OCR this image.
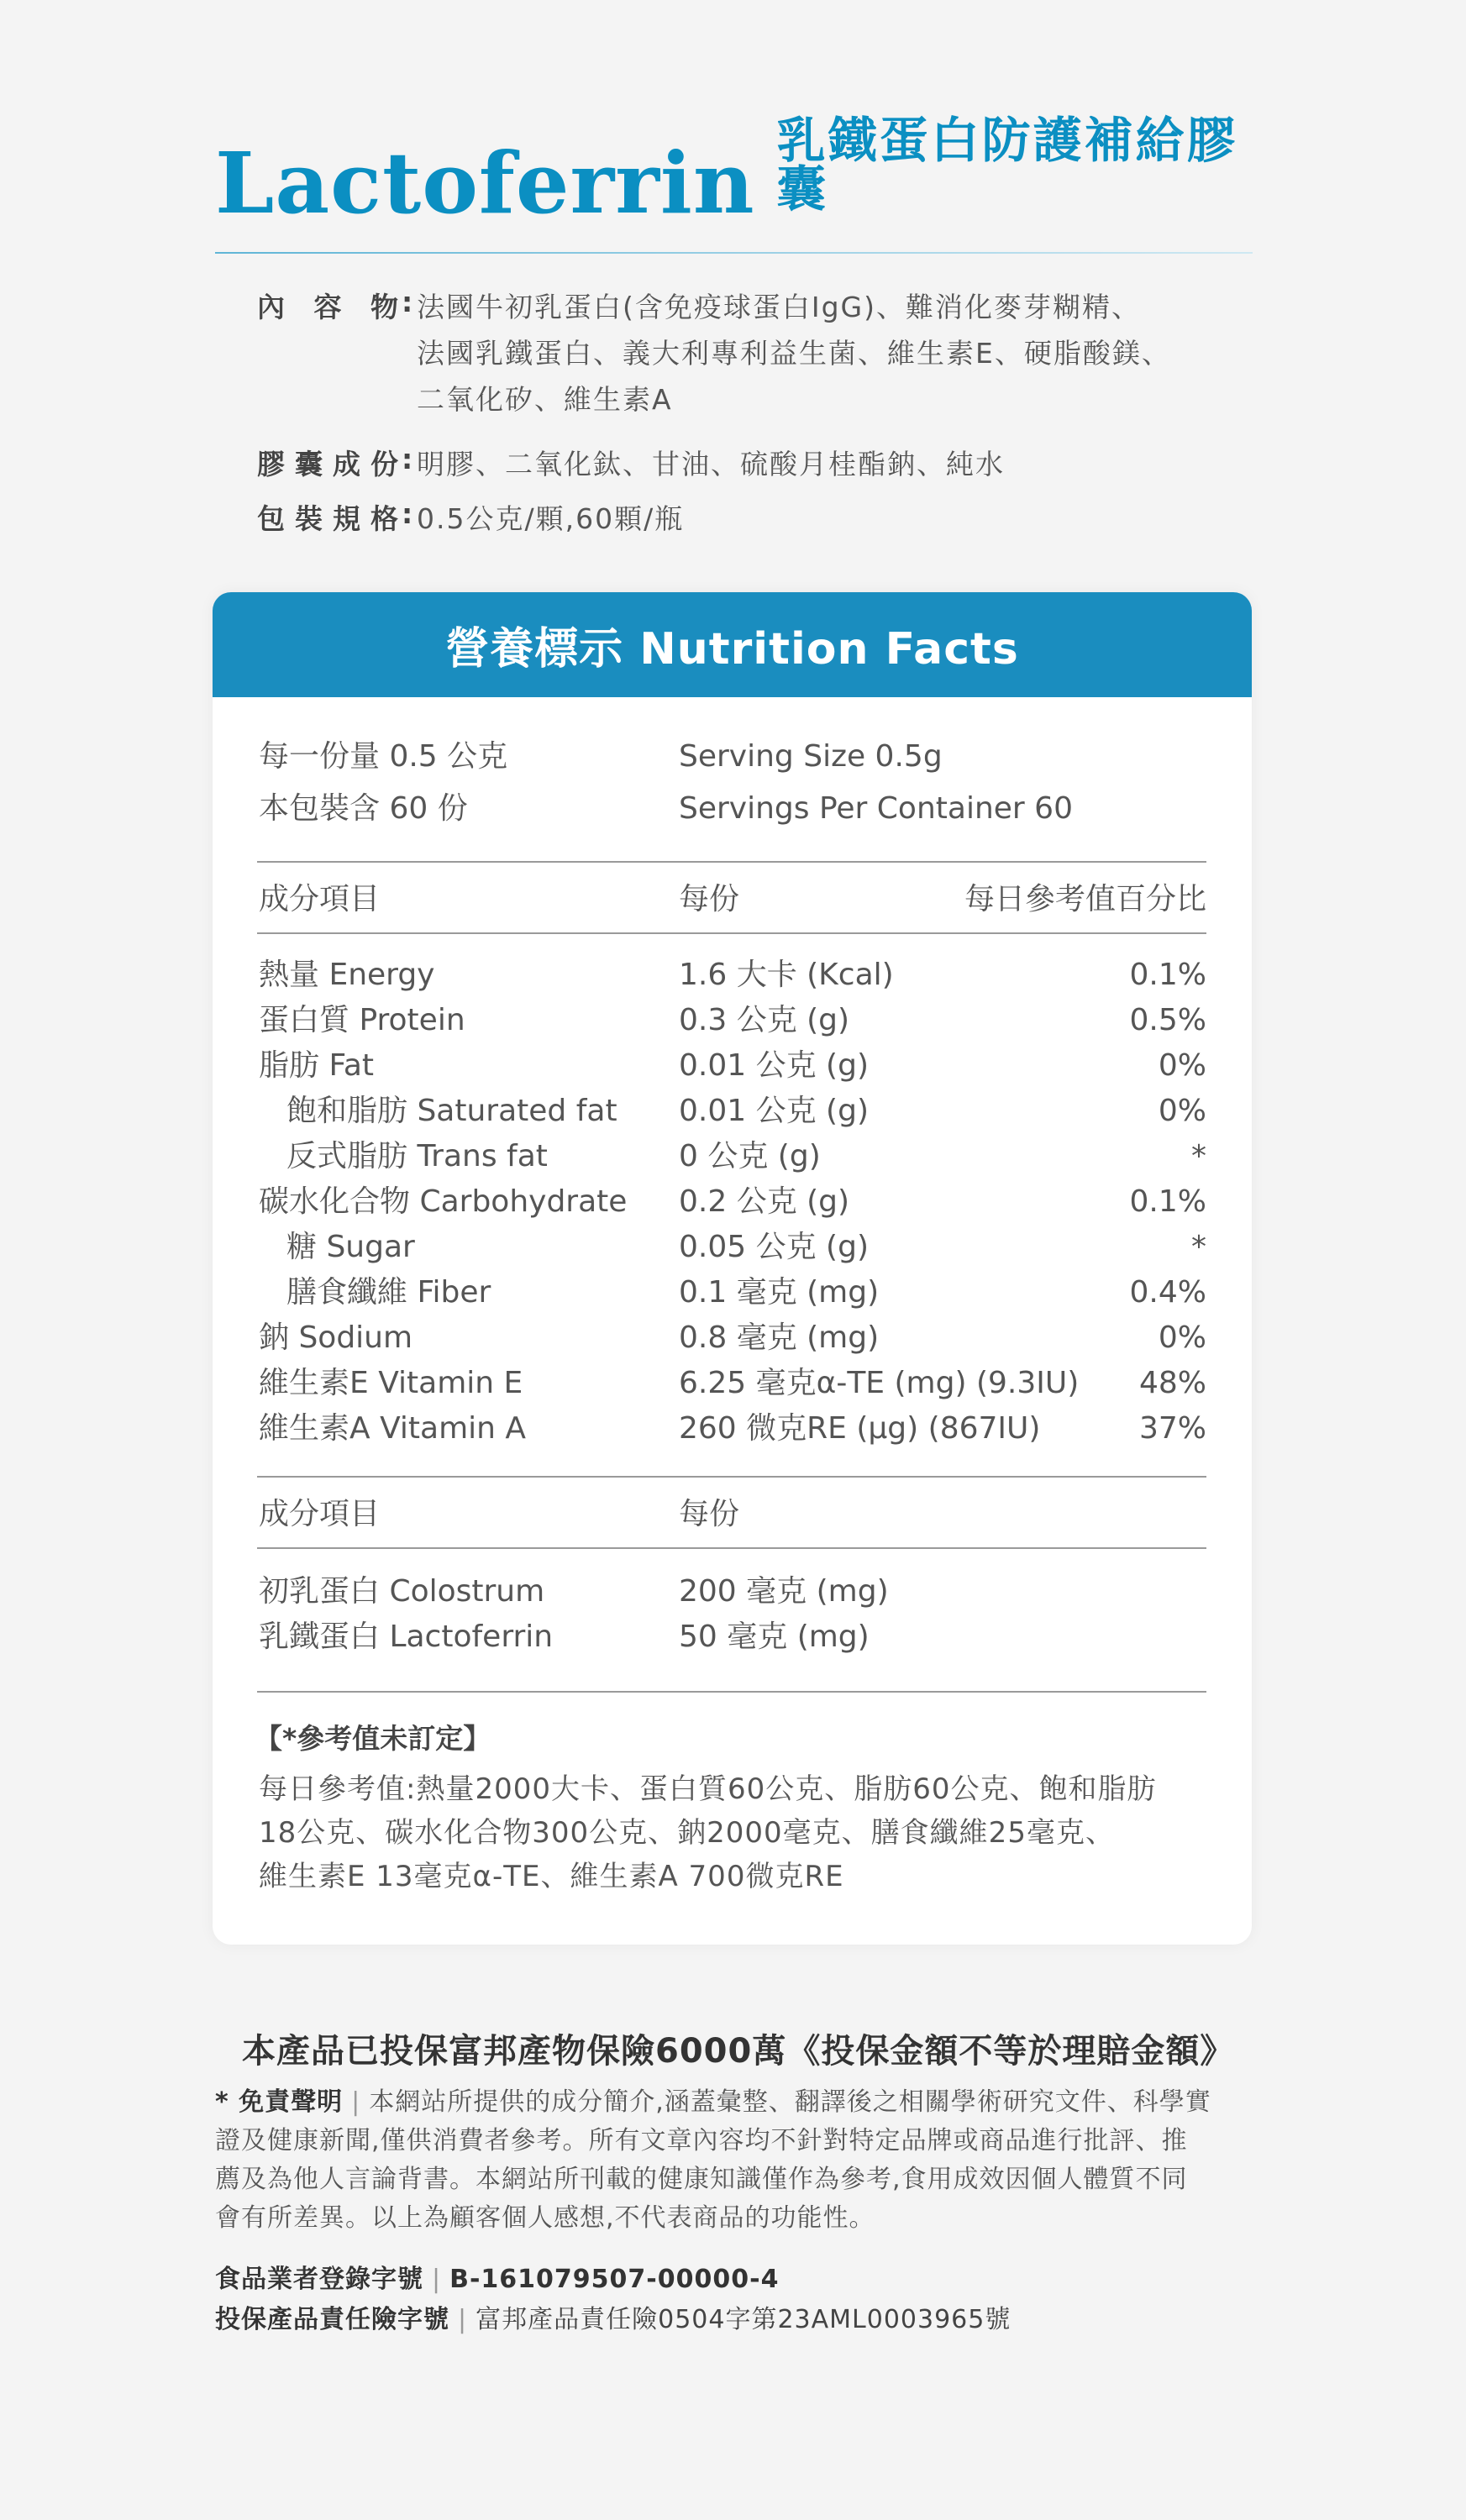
Lactoferrin 乳鐵蛋白防護補給膠囊
內 容 物 : 法國牛初乳蛋白(含免疫球蛋白IgG)、難消化麥芽糊精、
法國乳鐵蛋白、義大利專利益生菌、維生素E、硬脂酸鎂、
二氧化矽、維生素A
膠囊成份 : 明膠、二氧化鈦、甘油、硫酸月桂酯鈉、純水
包裝規格 : 0.5公克/顆,60顆/瓶
營養標示 Nutrition Facts
每一份量 0.5 公克	Serving Size 0.5g
本包裝含 60 份	Servings Per Container 60
成分項目	每份	每日參考值百分比
熱量 Energy	1.6 大卡 (Kcal)	0.1%
蛋白質 Protein	0.3 公克 (g)	0.5%
脂肪 Fat	0.01 公克 (g)	0%
飽和脂肪 Saturated fat 0.01 公克 (g)	0%
反式脂肪 Trans fat	0 公克 (g)	*
碳水化合物 Carbohydrate 0.2 公克 (g)	0.1%
糖 Sugar	0.05 公克 (g)	*
膳食纖維 Fiber	0.1 毫克 (mg)	0.4%
鈉 Sodium	0.8 毫克 (mg)	0%
維生素E Vitamin E	6.25 毫克α-TE (mg) (9.3IU)	48%
維生素A Vitamin A	260 微克RE (μg) (867IU)	37%
成分項目	每份
初乳蛋白 Colostrum	200 毫克 (mg)
乳鐵蛋白 Lactoferrin	50 毫克 (mg)
【*參考值未訂定】
每日參考值:熱量2000大卡、蛋白質60公克、脂肪60公克、飽和脂肪
18公克、碳水化合物300公克、鈉2000毫克、膳食纖維25毫克、
維生素E 13毫克α-TE、維生素A 700微克RE
本產品已投保富邦產物保險6000萬《投保金額不等於理賠金額》
* 免責聲明 | 本網站所提供的成分簡介,涵蓋彙整、翻譯後之相關學術研究文件、科學實
證及健康新聞,僅供消費者參考。所有文章內容均不針對特定品牌或商品進行批評、推
薦及為他人言論背書。本網站所刊載的健康知識僅作為參考,食用成效因個人體質不同
會有所差異。以上為顧客個人感想,不代表商品的功能性。
食品業者登錄字號 | B-161079507-00000-4
投保產品責任險字號 | 富邦產品責任險0504字第23AML0003965號
